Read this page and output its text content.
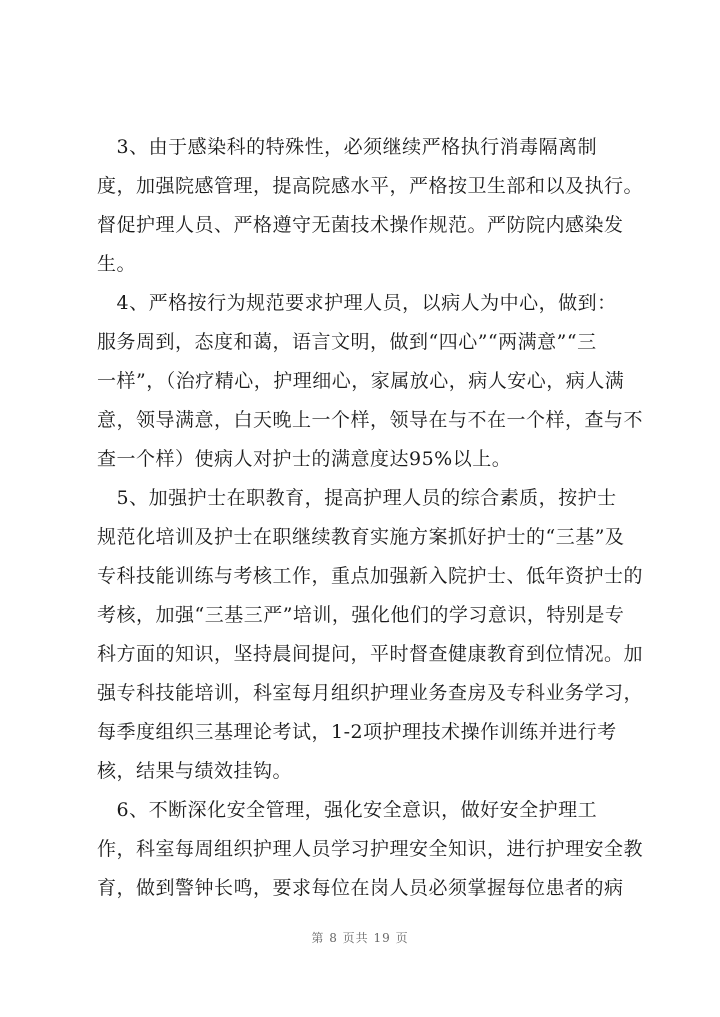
　3、由于感染科的特殊性，必须继续严格执行消毒隔离制
度，加强院感管理，提高院感水平，严格按卫生部和以及执行。
督促护理人员、严格遵守无菌技术操作规范。严防院内感染发
生。
　4、严格按行为规范要求护理人员，以病人为中心，做到：
服务周到，态度和蔼，语言文明，做到“四心”“两满意”“三
一样”，（治疗精心，护理细心，家属放心，病人安心，病人满
意，领导满意，白天晚上一个样，领导在与不在一个样，查与不
查一个样）使病人对护士的满意度达95%以上。
　5、加强护士在职教育，提高护理人员的综合素质，按护士
规范化培训及护士在职继续教育实施方案抓好护士的“三基”及
专科技能训练与考核工作，重点加强新入院护士、低年资护士的
考核，加强“三基三严”培训，强化他们的学习意识，特别是专
科方面的知识，坚持晨间提问，平时督查健康教育到位情况。加
强专科技能培训，科室每月组织护理业务查房及专科业务学习，
每季度组织三基理论考试，1-2项护理技术操作训练并进行考
核，结果与绩效挂钩。
　6、不断深化安全管理，强化安全意识，做好安全护理工
作，科室每周组织护理人员学习护理安全知识，进行护理安全教
育，做到警钟长鸣，要求每位在岗人员必须掌握每位患者的病
第 8 页共 19 页
